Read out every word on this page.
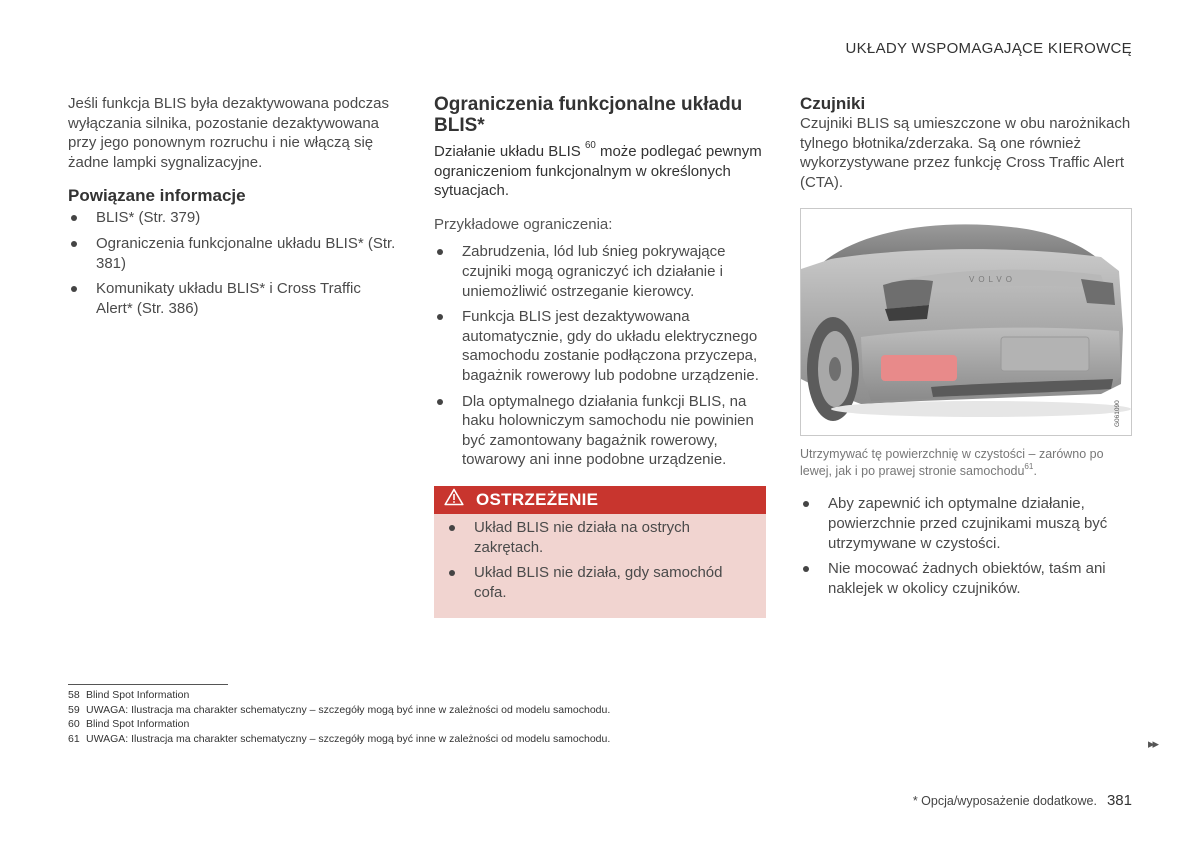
UKŁADY WSPOMAGAJĄCE KIEROWCĘ

Jeśli funkcja BLIS była dezaktywowana podczas wyłączania silnika, pozostanie dezaktywowana przy jego ponownym rozruchu i nie włączą się żadne lampki sygnalizacyjne.

Powiązane informacje
BLIS* (Str. 379)
Ograniczenia funkcjonalne układu BLIS* (Str. 381)
Komunikaty układu BLIS* i Cross Traffic Alert* (Str. 386)
Ograniczenia funkcjonalne układu BLIS*

Działanie układu BLIS $^{60}$ może podlegać pewnym ograniczeniom funkcjonalnym w określonych sytuacjach.

Przykładowe ograniczenia:

Zabrudzenia, lód lub śnieg pokrywające czujniki mogą ograniczyć ich działanie i uniemożliwić ostrzeganie kierowcy.
Funkcja BLIS jest dezaktywowana automatycznie, gdy do układu elektrycznego samochodu zostanie podłączona przyczepa, bagażnik rowerowy lub podobne urządzenie.
Dla optymalnego działania funkcji BLIS, na haku holowniczym samochodu nie powinien być zamontowany bagażnik rowerowy, towarowy ani inne podobne urządzenie.
OSTRZEŻENIE
Układ BLIS nie działa na ostrych zakrętach.
Układ BLIS nie działa, gdy samochód cofa.
Czujniki

Czujniki BLIS są umieszczone w obu narożnikach tylnego błotnika/zderzaka. Są one również wykorzystywane przez funkcję Cross Traffic Alert (CTA).

VOLVO
G061090

Utrzymywać tę powierzchnię w czystości – zarówno po lewej, jak i po prawej stronie samochodu$^{61}$.

Aby zapewnić ich optymalne działanie, powierzchnie przed czujnikami muszą być utrzymywane w czystości.
Nie mocować żadnych obiektów, taśm ani naklejek w okolicy czujników.
58 Blind Spot Information
59 UWAGA: Ilustracja ma charakter schematyczny – szczegóły mogą być inne w zależności od modelu samochodu.
60 Blind Spot Information
61 UWAGA: Ilustracja ma charakter schematyczny – szczegóły mogą być inne w zależności od modelu samochodu.	▸▸
* Opcja/wyposażenie dodatkowe. 381
